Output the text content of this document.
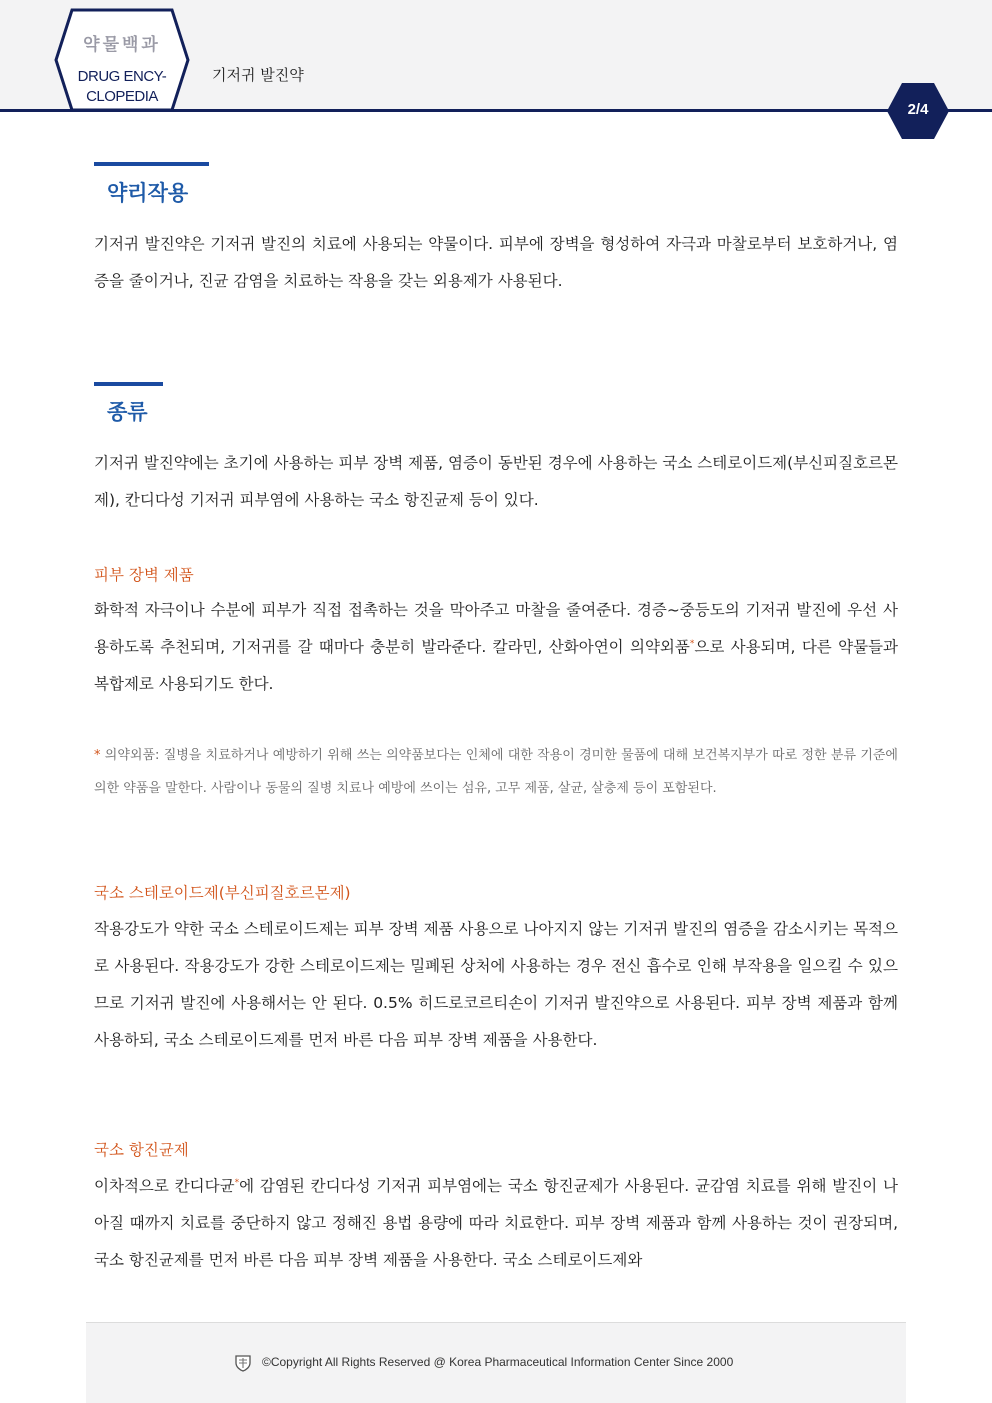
약물백과
DRUG ENCY-
CLOPEDIA
기저귀 발진약
2/4
약리작용
기저귀 발진약은 기저귀 발진의 치료에 사용되는 약물이다. 피부에 장벽을 형성하여 자극과 마찰로부터 보호하거나, 염증을 줄이거나, 진균 감염을 치료하는 작용을 갖는 외용제가 사용된다.
종류
기저귀 발진약에는 초기에 사용하는 피부 장벽 제품, 염증이 동반된 경우에 사용하는 국소 스테로이드제(부신피질호르몬제), 칸디다성 기저귀 피부염에 사용하는 국소 항진균제 등이 있다.
피부 장벽 제품
화학적 자극이나 수분에 피부가 직접 접촉하는 것을 막아주고 마찰을 줄여준다. 경증~중등도의 기저귀 발진에 우선 사용하도록 추천되며, 기저귀를 갈 때마다 충분히 발라준다. 칼라민, 산화아연이 의약외품*으로 사용되며, 다른 약물들과 복합제로 사용되기도 한다.
* 의약외품: 질병을 치료하거나 예방하기 위해 쓰는 의약품보다는 인체에 대한 작용이 경미한 물품에 대해 보건복지부가 따로 정한 분류 기준에 의한 약품을 말한다. 사람이나 동물의 질병 치료나 예방에 쓰이는 섬유, 고무 제품, 살균, 살충제 등이 포함된다.
국소 스테로이드제(부신피질호르몬제)
작용강도가 약한 국소 스테로이드제는 피부 장벽 제품 사용으로 나아지지 않는 기저귀 발진의 염증을 감소시키는 목적으로 사용된다. 작용강도가 강한 스테로이드제는 밀폐된 상처에 사용하는 경우 전신 흡수로 인해 부작용을 일으킬 수 있으므로 기저귀 발진에 사용해서는 안 된다. 0.5% 히드로코르티손이 기저귀 발진약으로 사용된다. 피부 장벽 제품과 함께 사용하되, 국소 스테로이드제를 먼저 바른 다음 피부 장벽 제품을 사용한다.
국소 항진균제
이차적으로 칸디다균*에 감염된 칸디다성 기저귀 피부염에는 국소 항진균제가 사용된다. 균감염 치료를 위해 발진이 나아질 때까지 치료를 중단하지 않고 정해진 용법 용량에 따라 치료한다. 피부 장벽 제품과 함께 사용하는 것이 권장되며, 국소 항진균제를 먼저 바른 다음 피부 장벽 제품을 사용한다. 국소 스테로이드제와
©Copyright All Rights Reserved @ Korea Pharmaceutical Information Center Since 2000
